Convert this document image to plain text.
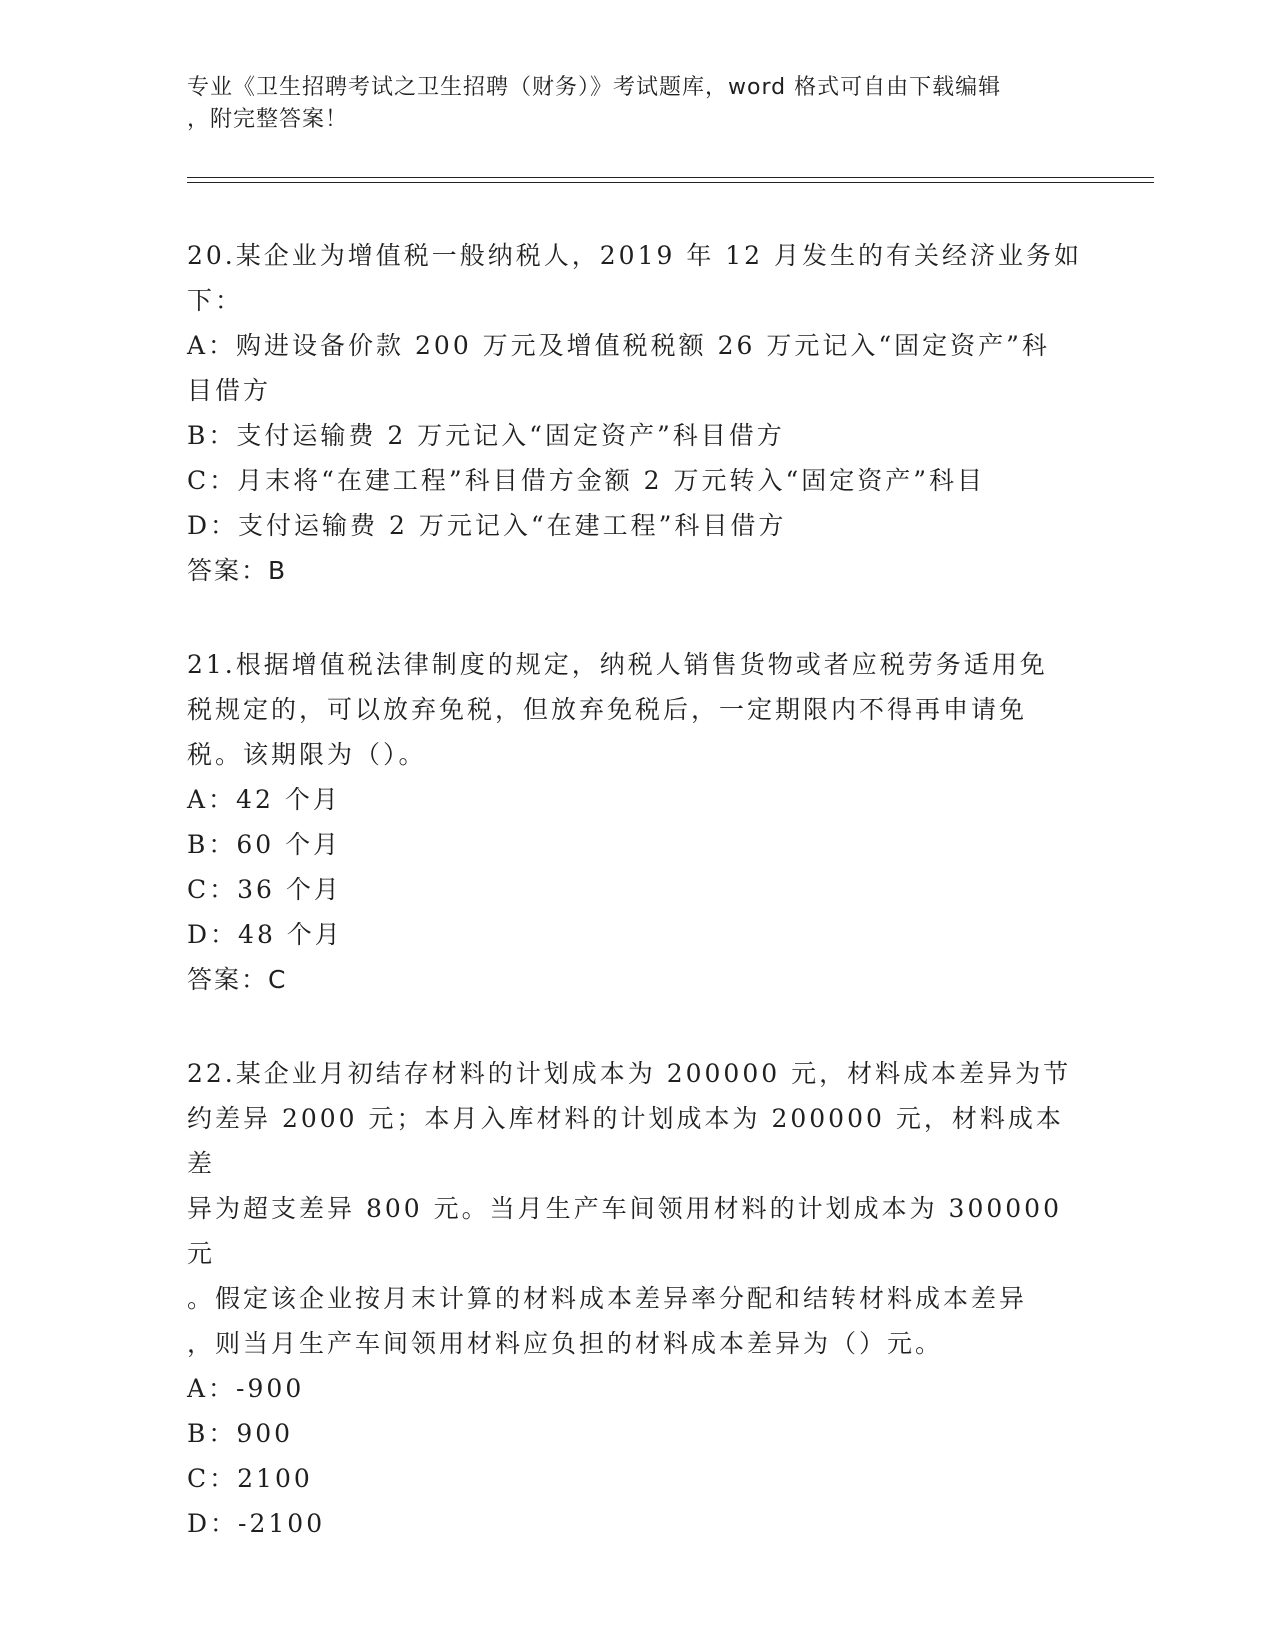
专业《卫生招聘考试之卫生招聘（财务）》考试题库，word 格式可自由下载编辑
，附完整答案！

20.某企业为增值税一般纳税人，2019 年 12 月发生的有关经济业务如

下：

A：购进设备价款 200 万元及增值税税额 26 万元记入“固定资产”科

目借方

B：支付运输费 2 万元记入“固定资产”科目借方

C：月末将“在建工程”科目借方金额 2 万元转入“固定资产”科目

D：支付运输费 2 万元记入“在建工程”科目借方

答案：B

21.根据增值税法律制度的规定，纳税人销售货物或者应税劳务适用免

税规定的，可以放弃免税，但放弃免税后，一定期限内不得再申请免

税。该期限为（）。

A：42 个月

B：60 个月

C：36 个月

D：48 个月

答案：C

22.某企业月初结存材料的计划成本为 200000 元，材料成本差异为节

约差异 2000 元；本月入库材料的计划成本为 200000 元，材料成本差

异为超支差异 800 元。当月生产车间领用材料的计划成本为 300000 元

。假定该企业按月末计算的材料成本差异率分配和结转材料成本差异

，则当月生产车间领用材料应负担的材料成本差异为（）元。

A：-900

B：900

C：2100

D：-2100
